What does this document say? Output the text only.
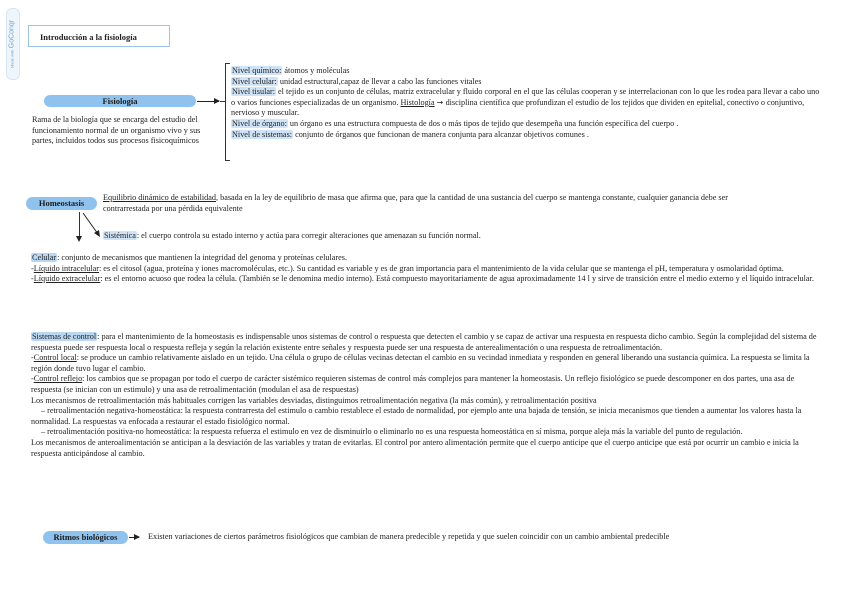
Made with GoConqr	Introducción a la fisiología
Fisiología

Rama de la biología que se encarga del estudio del funcionamiento normal de un organismo vivo y sus partes, incluidos todos sus procesos fisicoquímicos

Nivel químico: átomos y moléculas

Nivel celular: unidad estructural,capaz de llevar a cabo las funciones vitales

Nivel tisular: el tejido es un conjunto de células, matriz extracelular y fluido corporal en el que las células cooperan y se interrelacionan con lo que les rodea para llevar a cabo uno o varios funciones especializadas de un organismo. Histología ➞ disciplina científica que profundizan el estudio de los tejidos que dividen en epitelial, conectivo o conjuntivo, nervioso y muscular.

Nivel de órgano: un órgano es una estructura compuesta de dos o más tipos de tejido que desempeña una función específica del cuerpo .

Nivel de sistemas: conjunto de órganos que funcionan de manera conjunta para alcanzar objetivos comunes .

Homeostasis

Equilibrio dinámico de estabilidad, basada en la ley de equilibrio de masa que afirma que, para que la cantidad de una sustancia del cuerpo se mantenga constante, cualquier ganancia debe ser contrarrestada por una pérdida equivalente

Sistémica: el cuerpo controla su estado interno y actúa para corregir alteraciones que amenazan su función normal.

Celular: conjunto de mecanismos que mantienen la integridad del genoma y proteínas celulares.

-Líquido intracelular: es el citosol (agua, proteína y iones macromoléculas, etc.). Su cantidad es variable y es de gran importancia para el mantenimiento de la vida celular que se mantenga el pH, temperatura y osmolaridad óptima.

-Líquido extracelular: es el entorno acuoso que rodea la célula. (También se le denomina medio interno). Está compuesto mayoritariamente de agua aproximadamente 14 l y sirve de transición entre el medio externo y el líquido intracelular.

Sistemas de control: para el mantenimiento de la homeostasis es indispensable unos sistemas de control o respuesta que detecten el cambio y se capaz de activar una respuesta en respuesta dicho cambio. Según la complejidad del sistema de respuesta puede ser respuesta local o respuesta refleja y según la relación existente entre señales y respuesta puede ser una respuesta de anterealimentación o una respuesta de retroalimentación.

-Control local: se produce un cambio relativamente aislado en un tejido. Una célula o grupo de células vecinas detectan el cambio en su vecindad inmediata y responden en general liberando una sustancia química. La respuesta se limita la región donde tuvo lugar el cambio.

-Control reflejo: los cambios que se propagan por todo el cuerpo de carácter sistémico requieren sistemas de control más complejos para mantener la homeostasis. Un reflejo fisiológico se puede descomponer en dos partes, una asa de respuesta (se inician con un estimulo) y una asa de retroalimentación (modulan el asa de respuestas)

Los mecanismos de retroalimentación más habituales corrigen las variables desviadas, distinguimos retroalimentación negativa (la más común), y retroalimentación positiva

– retroalimentación negativa-homeostática: la respuesta contrarresta del estimulo o cambio restablece el estado de normalidad, por ejemplo ante una bajada de tensión, se inicia mecanismos que tienden a aumentar los valores hasta la normalidad. La respuestas va enfocada a restaurar el estado fisiológico normal.

– retroalimentación positiva-no homeostática: la respuesta refuerza el estimulo en vez de disminuirlo o eliminarlo no es una respuesta homeostática en sí misma, porque aleja más la variable del punto de regulación.

Los mecanismos de anteroalimentación se anticipan a la desviación de las variables y tratan de evitarlas. El control por antero alimentación permite que el cuerpo anticipe que el cuerpo anticipe que está por ocurrir un cambio e inicia la respuesta anticipándose al cambio.

Ritmos biológicos	Existen variaciones de ciertos parámetros fisiológicos que cambian de manera predecible y repetida y que suelen coincidir con un cambio ambiental predecible
